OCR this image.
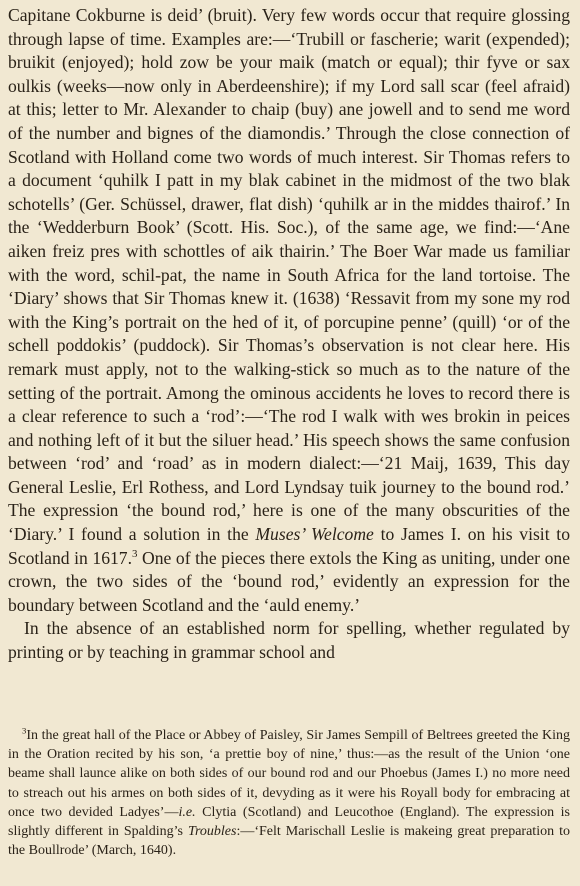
Capitane Cokburne is deid’ (bruit). Very few words occur that require glossing through lapse of time. Examples are:—‘Trubill or fascherie; warit (expended); bruikit (enjoyed); hold zow be your maik (match or equal); thir fyve or sax oulkis (weeks—now only in Aberdeenshire); if my Lord sall scar (feel afraid) at this; letter to Mr. Alexander to chaip (buy) ane jowell and to send me word of the number and bignes of the diamondis.’ Through the close connection of Scotland with Holland come two words of much interest. Sir Thomas refers to a document ‘quhilk I patt in my blak cabinet in the midmost of the two blak schotells’ (Ger. Schüssel, drawer, flat dish) ‘quhilk ar in the middes thairof.’ In the ‘Wedderburn Book’ (Scott. His. Soc.), of the same age, we find:—‘Ane aiken freiz pres with schottles of aik thairin.’ The Boer War made us familiar with the word, schil-pat, the name in South Africa for the land tortoise. The ‘Diary’ shows that Sir Thomas knew it. (1638) ‘Ressavit from my sone my rod with the King’s portrait on the hed of it, of porcupine penne’ (quill) ‘or of the schell poddokis’ (puddock). Sir Thomas’s observation is not clear here. His remark must apply, not to the walking-stick so much as to the nature of the setting of the portrait. Among the ominous accidents he loves to record there is a clear reference to such a ‘rod’:—‘The rod I walk with wes brokin in peices and nothing left of it but the siluer head.’ His speech shows the same confusion between ‘rod’ and ‘road’ as in modern dialect:—‘21 Maij, 1639, This day General Leslie, Erl Rothess, and Lord Lyndsay tuik journey to the bound rod.’ The expression ‘the bound rod,’ here is one of the many obscurities of the ‘Diary.’ I found a solution in the Muses’ Welcome to James I. on his visit to Scotland in 1617.$^3$ One of the pieces there extols the King as uniting, under one crown, the two sides of the ‘bound rod,’ evidently an expression for the boundary between Scotland and the ‘auld enemy.’

In the absence of an established norm for spelling, whether regulated by printing or by teaching in grammar school and

$^3$In the great hall of the Place or Abbey of Paisley, Sir James Sempill of Beltrees greeted the King in the Oration recited by his son, ‘a prettie boy of nine,’ thus:—as the result of the Union ‘one beame shall launce alike on both sides of our bound rod and our Phoebus (James I.) no more need to streach out his armes on both sides of it, devyding as it were his Royall body for embracing at once two devided Ladyes’—i.e. Clytia (Scotland) and Leucothoe (England). The expression is slightly different in Spalding’s Troubles:—‘Felt Marischall Leslie is makeing great preparation to the Boullrode’ (March, 1640).
